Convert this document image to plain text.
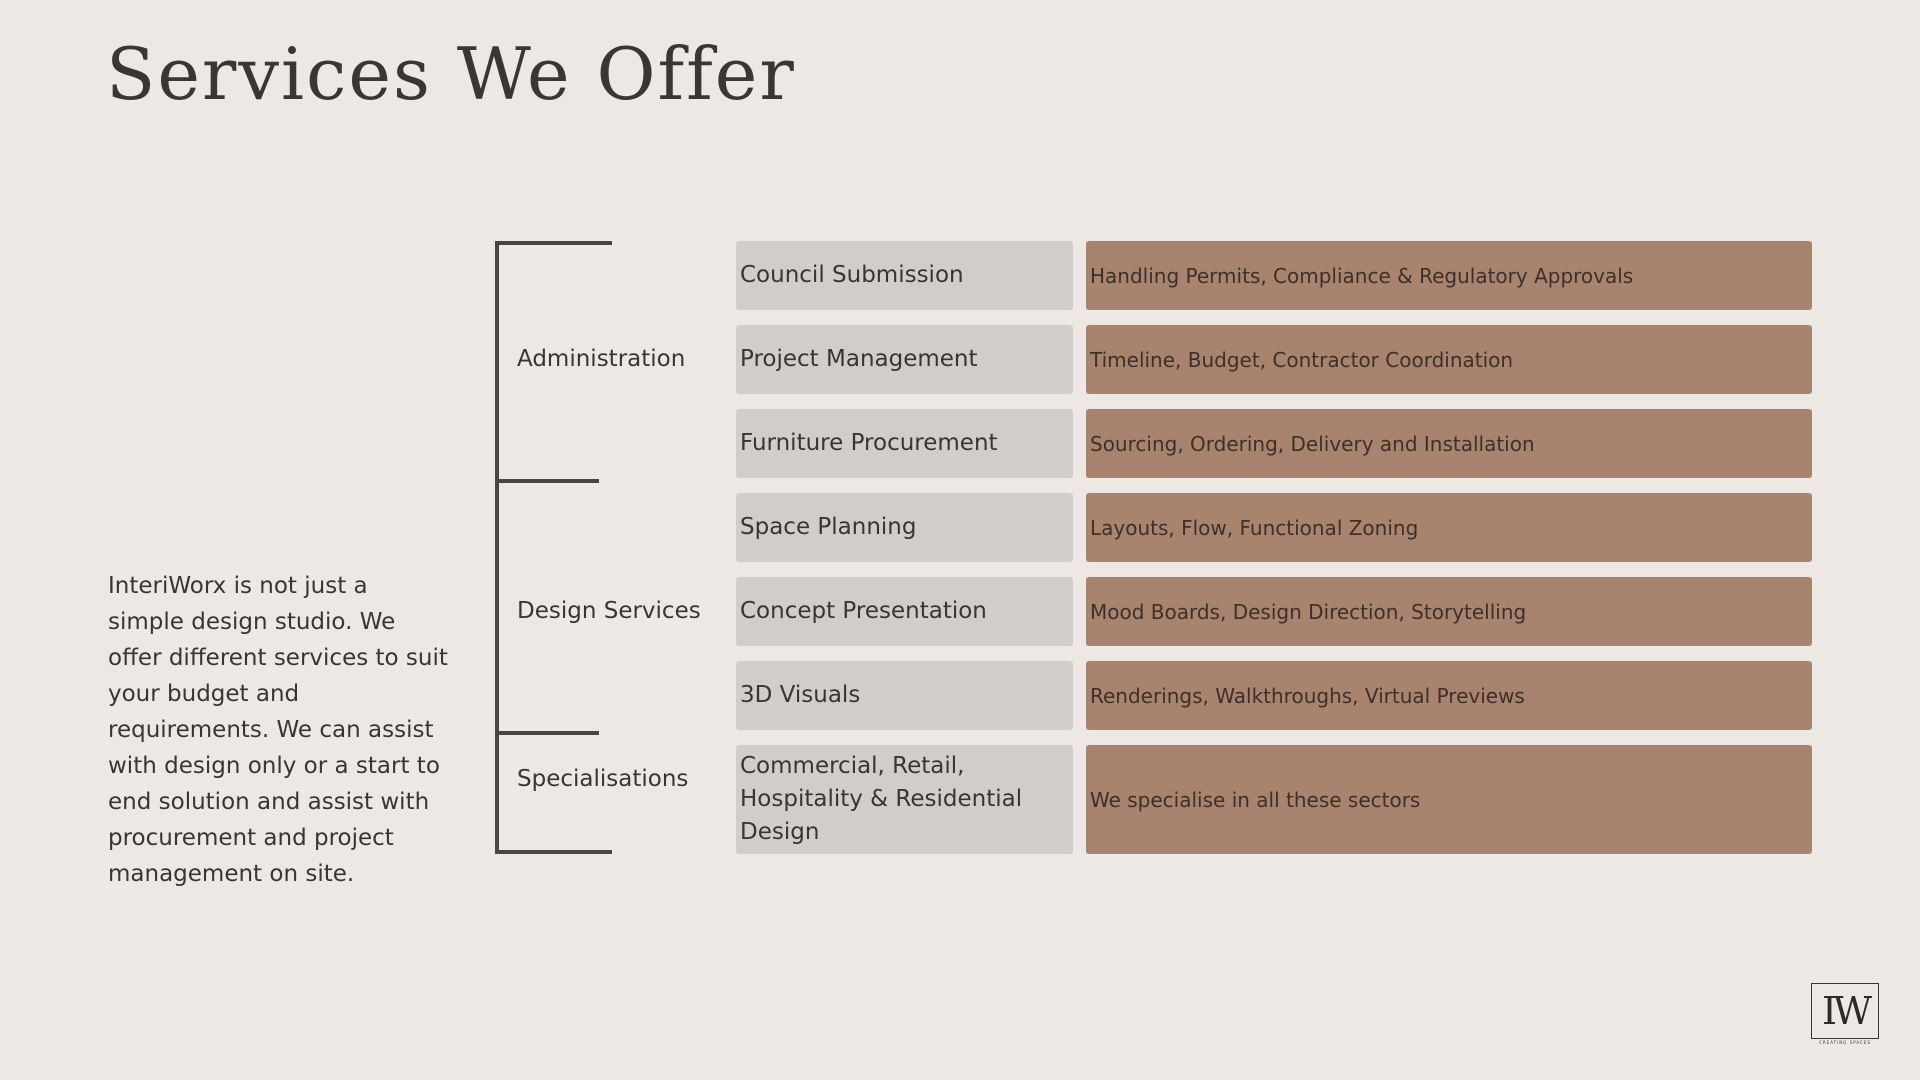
Services We Offer
InteriWorx is not just a simple design studio. We offer different services to suit your budget and requirements. We can assist with design only or a start to end solution and assist with procurement and project management on site.
Administration
Design Services
Specialisations
Council Submission
Project Management
Furniture Procurement
Space Planning
Concept Presentation
3D Visuals
Commercial, Retail, Hospitality & Residential Design
Handling Permits, Compliance & Regulatory Approvals
Timeline, Budget, Contractor Coordination
Sourcing, Ordering, Delivery and Installation
Layouts, Flow, Functional Zoning
Mood Boards, Design Direction, Storytelling
Renderings, Walkthroughs, Virtual Previews
We specialise in all these sectors
IW
CREATING SPACES
